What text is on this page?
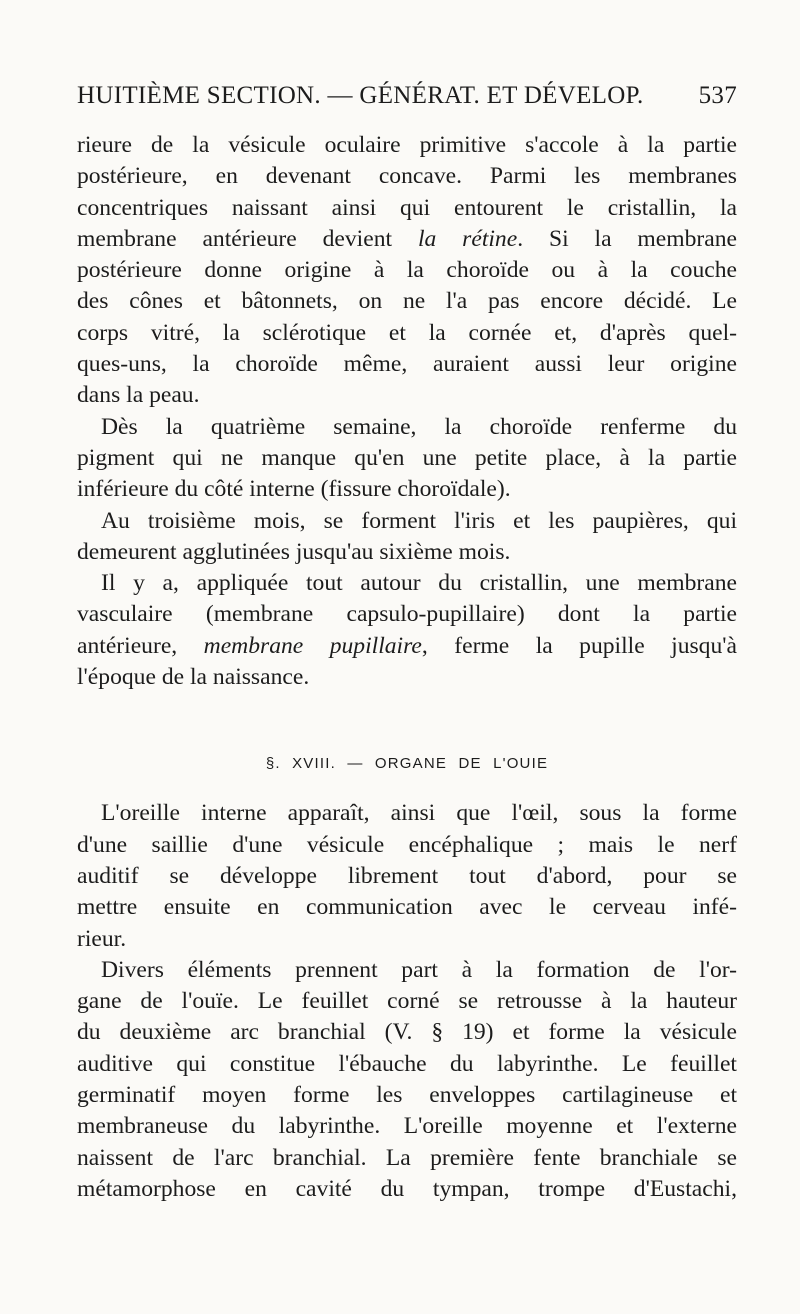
HUITIÈME SECTION. — GÉNÉRAT. ET DÉVELOP. 537

rieure de la vésicule oculaire primitive s'accole à la partie
postérieure, en devenant concave. Parmi les membranes
concentriques naissant ainsi qui entourent le cristallin, la
membrane antérieure devient la rétine. Si la membrane
postérieure donne origine à la choroïde ou à la couche
des cônes et bâtonnets, on ne l'a pas encore décidé. Le
corps vitré, la sclérotique et la cornée et, d'après quel-
ques-uns, la choroïde même, auraient aussi leur origine
dans la peau.

Dès la quatrième semaine, la choroïde renferme du
pigment qui ne manque qu'en une petite place, à la partie
inférieure du côté interne (fissure choroïdale).

Au troisième mois, se forment l'iris et les paupières, qui
demeurent agglutinées jusqu'au sixième mois.

Il y a, appliquée tout autour du cristallin, une membrane
vasculaire (membrane capsulo-pupillaire) dont la partie
antérieure, membrane pupillaire, ferme la pupille jusqu'à
l'époque de la naissance.

§. XVIII. — ORGANE DE L'OUIE

L'oreille interne apparaît, ainsi que l'œil, sous la forme
d'une saillie d'une vésicule encéphalique ; mais le nerf
auditif se développe librement tout d'abord, pour se
mettre ensuite en communication avec le cerveau infé-
rieur.

Divers éléments prennent part à la formation de l'or-
gane de l'ouïe. Le feuillet corné se retrousse à la hauteur
du deuxième arc branchial (V. § 19) et forme la vésicule
auditive qui constitue l'ébauche du labyrinthe. Le feuillet
germinatif moyen forme les enveloppes cartilagineuse et
membraneuse du labyrinthe. L'oreille moyenne et l'externe
naissent de l'arc branchial. La première fente branchiale se
métamorphose en cavité du tympan, trompe d'Eustachi,
